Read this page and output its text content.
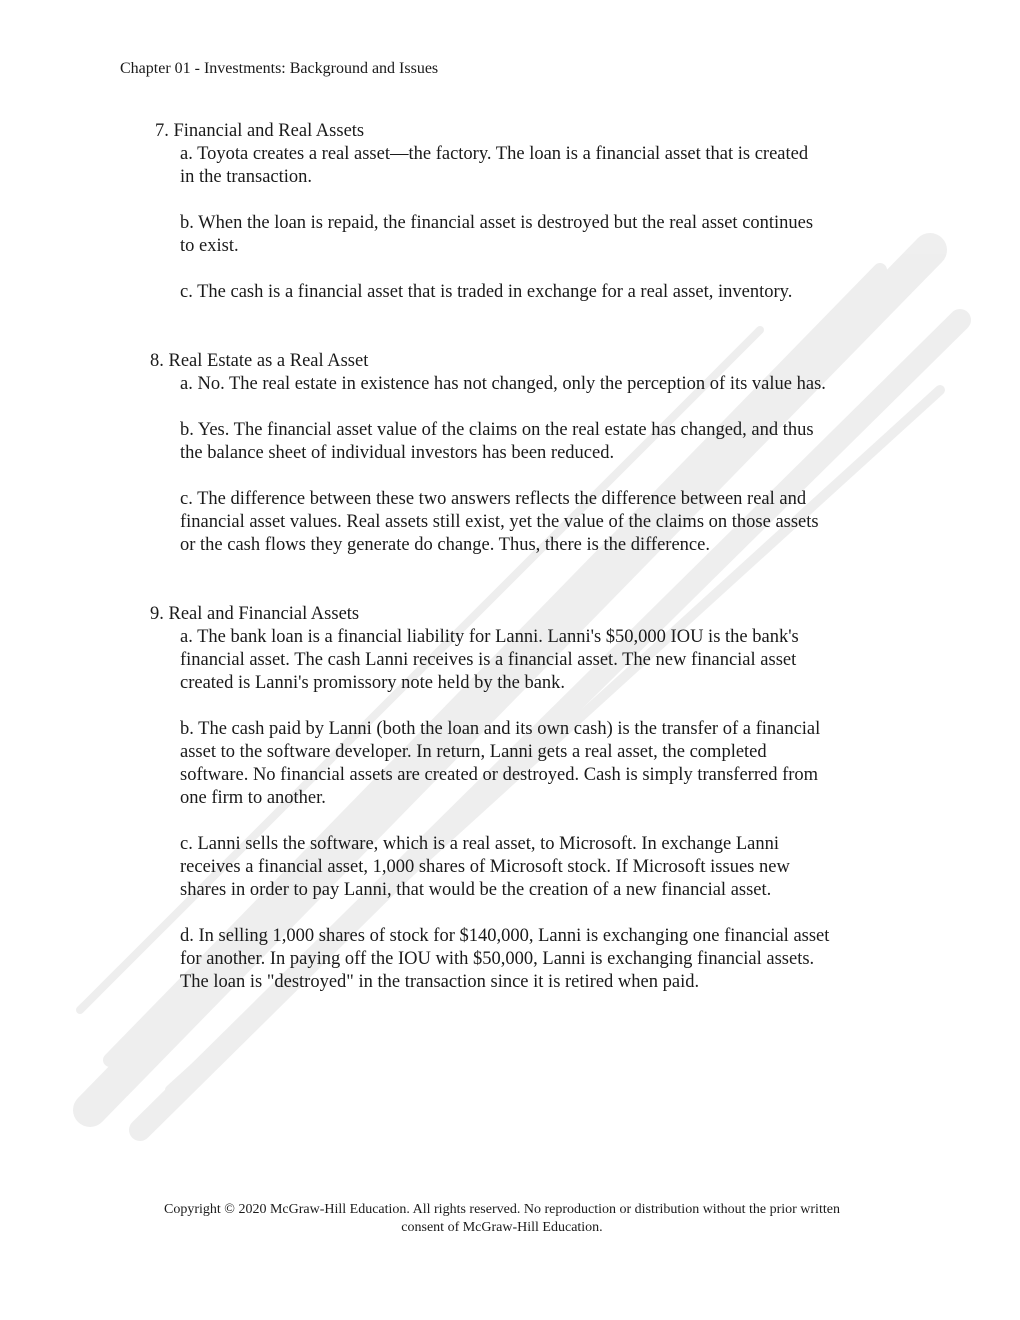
Chapter 01 - Investments: Background and Issues
7. Financial and Real Assets
a. Toyota creates a real asset—the factory. The loan is a financial asset that is created
in the transaction.
b. When the loan is repaid, the financial asset is destroyed but the real asset continues
to exist.
c. The cash is a financial asset that is traded in exchange for a real asset, inventory.
8. Real Estate as a Real Asset
a. No. The real estate in existence has not changed, only the perception of its value has.
b. Yes. The financial asset value of the claims on the real estate has changed, and thus
the balance sheet of individual investors has been reduced.
c. The difference between these two answers reflects the difference between real and
financial asset values. Real assets still exist, yet the value of the claims on those assets
or the cash flows they generate do change. Thus, there is the difference.
9. Real and Financial Assets
a. The bank loan is a financial liability for Lanni. Lanni's $50,000 IOU is the bank's
financial asset. The cash Lanni receives is a financial asset. The new financial asset
created is Lanni's promissory note held by the bank.
b. The cash paid by Lanni (both the loan and its own cash) is the transfer of a financial
asset to the software developer. In return, Lanni gets a real asset, the completed
software. No financial assets are created or destroyed. Cash is simply transferred from
one firm to another.
c. Lanni sells the software, which is a real asset, to Microsoft. In exchange Lanni
receives a financial asset, 1,000 shares of Microsoft stock. If Microsoft issues new
shares in order to pay Lanni, that would be the creation of a new financial asset.
d. In selling 1,000 shares of stock for $140,000, Lanni is exchanging one financial asset
for another. In paying off the IOU with $50,000, Lanni is exchanging financial assets.
The loan is "destroyed" in the transaction since it is retired when paid.
Copyright © 2020 McGraw-Hill Education. All rights reserved. No reproduction or distribution without the prior written
consent of McGraw-Hill Education.
